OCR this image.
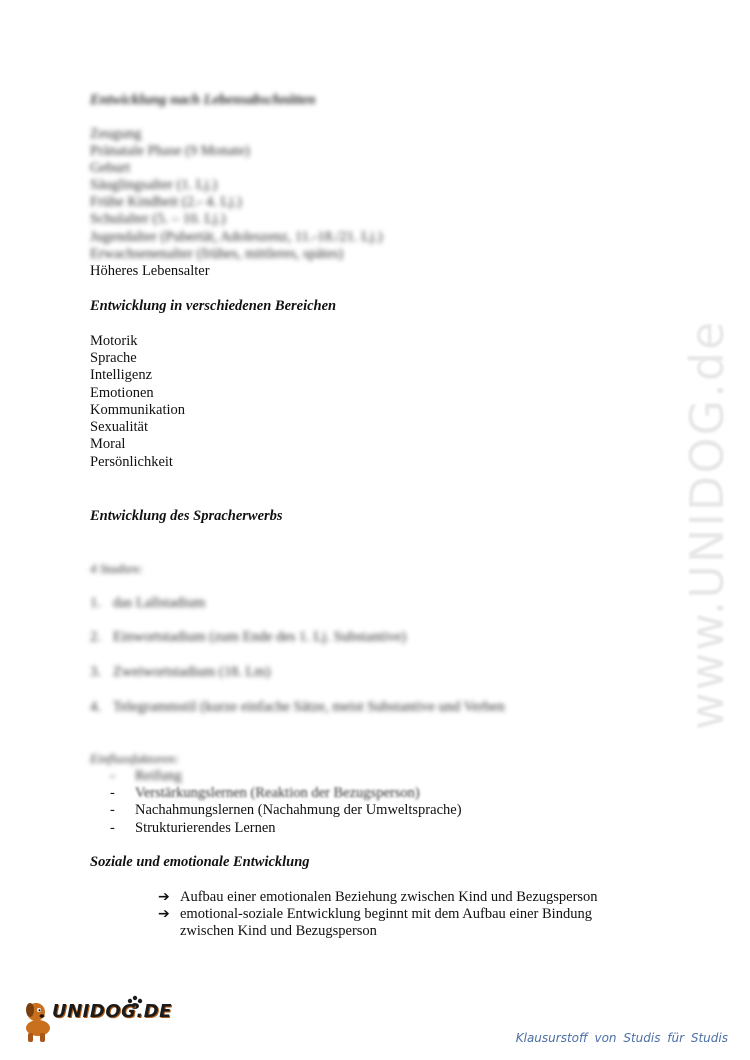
www.UNIDOG.de
Entwicklung nach Lebensabschnitten
Zeugung
Pränatale Phase (9 Monate)
Geburt
Säuglingsalter (1. Lj.)
Frühe Kindheit (2.- 4. Lj.)
Schulalter (5. – 10. Lj.)
Jugendalter (Pubertät, Adoleszenz, 11.-18./21. Lj.)
Erwachsenenalter (frühes, mittleres, spätes)
Höheres Lebensalter
Entwicklung in verschiedenen Bereichen
Motorik
Sprache
Intelligenz
Emotionen
Kommunikation
Sexualität
Moral
Persönlichkeit
Entwicklung des Spracherwerbs
4 Stadien:
1. das Lallstadium
2. Einwortstadium (zum Ende des 1. Lj. Substantive)
3. Zweiwortstadium (18. Lm)
4. Telegrammstil (kurze einfache Sätze, meist Substantive und Verben
Einflussfaktoren:
- Reifung
- Verstärkungslernen (Reaktion der Bezugsperson)
- Nachahmungslernen (Nachahmung der Umweltsprache)
- Strukturierendes Lernen
Soziale und emotionale Entwicklung
➔ Aufbau einer emotionalen Beziehung zwischen Kind und Bezugsperson
➔ emotional-soziale Entwicklung beginnt mit dem Aufbau einer Bindung
zwischen Kind und Bezugsperson
UNIDOG.DE
Klausurstoff von Studis für Studis
